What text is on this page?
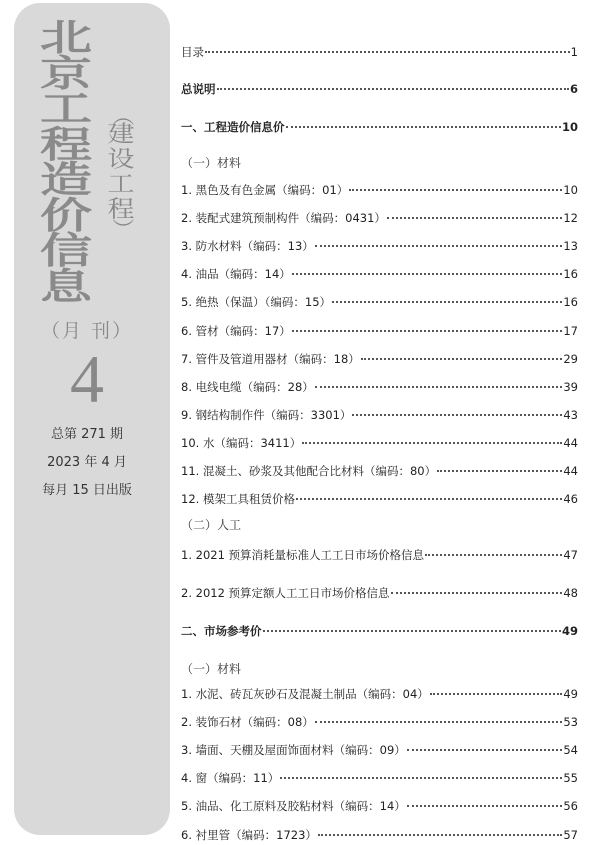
北
京
工
程
造
价
信
息
（
建
设
工
程
）
（月 刊）
4
总第 271 期
2023 年 4 月
每月 15 日出版
目录	1
总说明	6
一、工程造价信息价	10
（一）材料
1. 黑色及有色金属（编码：01）	10
2. 装配式建筑预制构件（编码：0431）	12
3. 防水材料（编码：13）	13
4. 油品（编码：14）	16
5. 绝热（保温）（编码：15）	16
6. 管材（编码：17）	17
7. 管件及管道用器材（编码：18）	29
8. 电线电缆（编码：28）	39
9. 钢结构制作件（编码：3301）	43
10. 水（编码：3411）	44
11. 混凝土、砂浆及其他配合比材料（编码：80）	44
12. 模架工具租赁价格	46
（二）人工
1. 2021 预算消耗量标准人工工日市场价格信息	47
2. 2012 预算定额人工工日市场价格信息	48
二、市场参考价	49
（一）材料
1. 水泥、砖瓦灰砂石及混凝土制品（编码：04）	49
2. 装饰石材（编码：08）	53
3. 墙面、天棚及屋面饰面材料（编码：09）	54
4. 窗（编码：11）	55
5. 油品、化工原料及胶粘材料（编码：14）	56
6. 衬里管（编码：1723）	57
